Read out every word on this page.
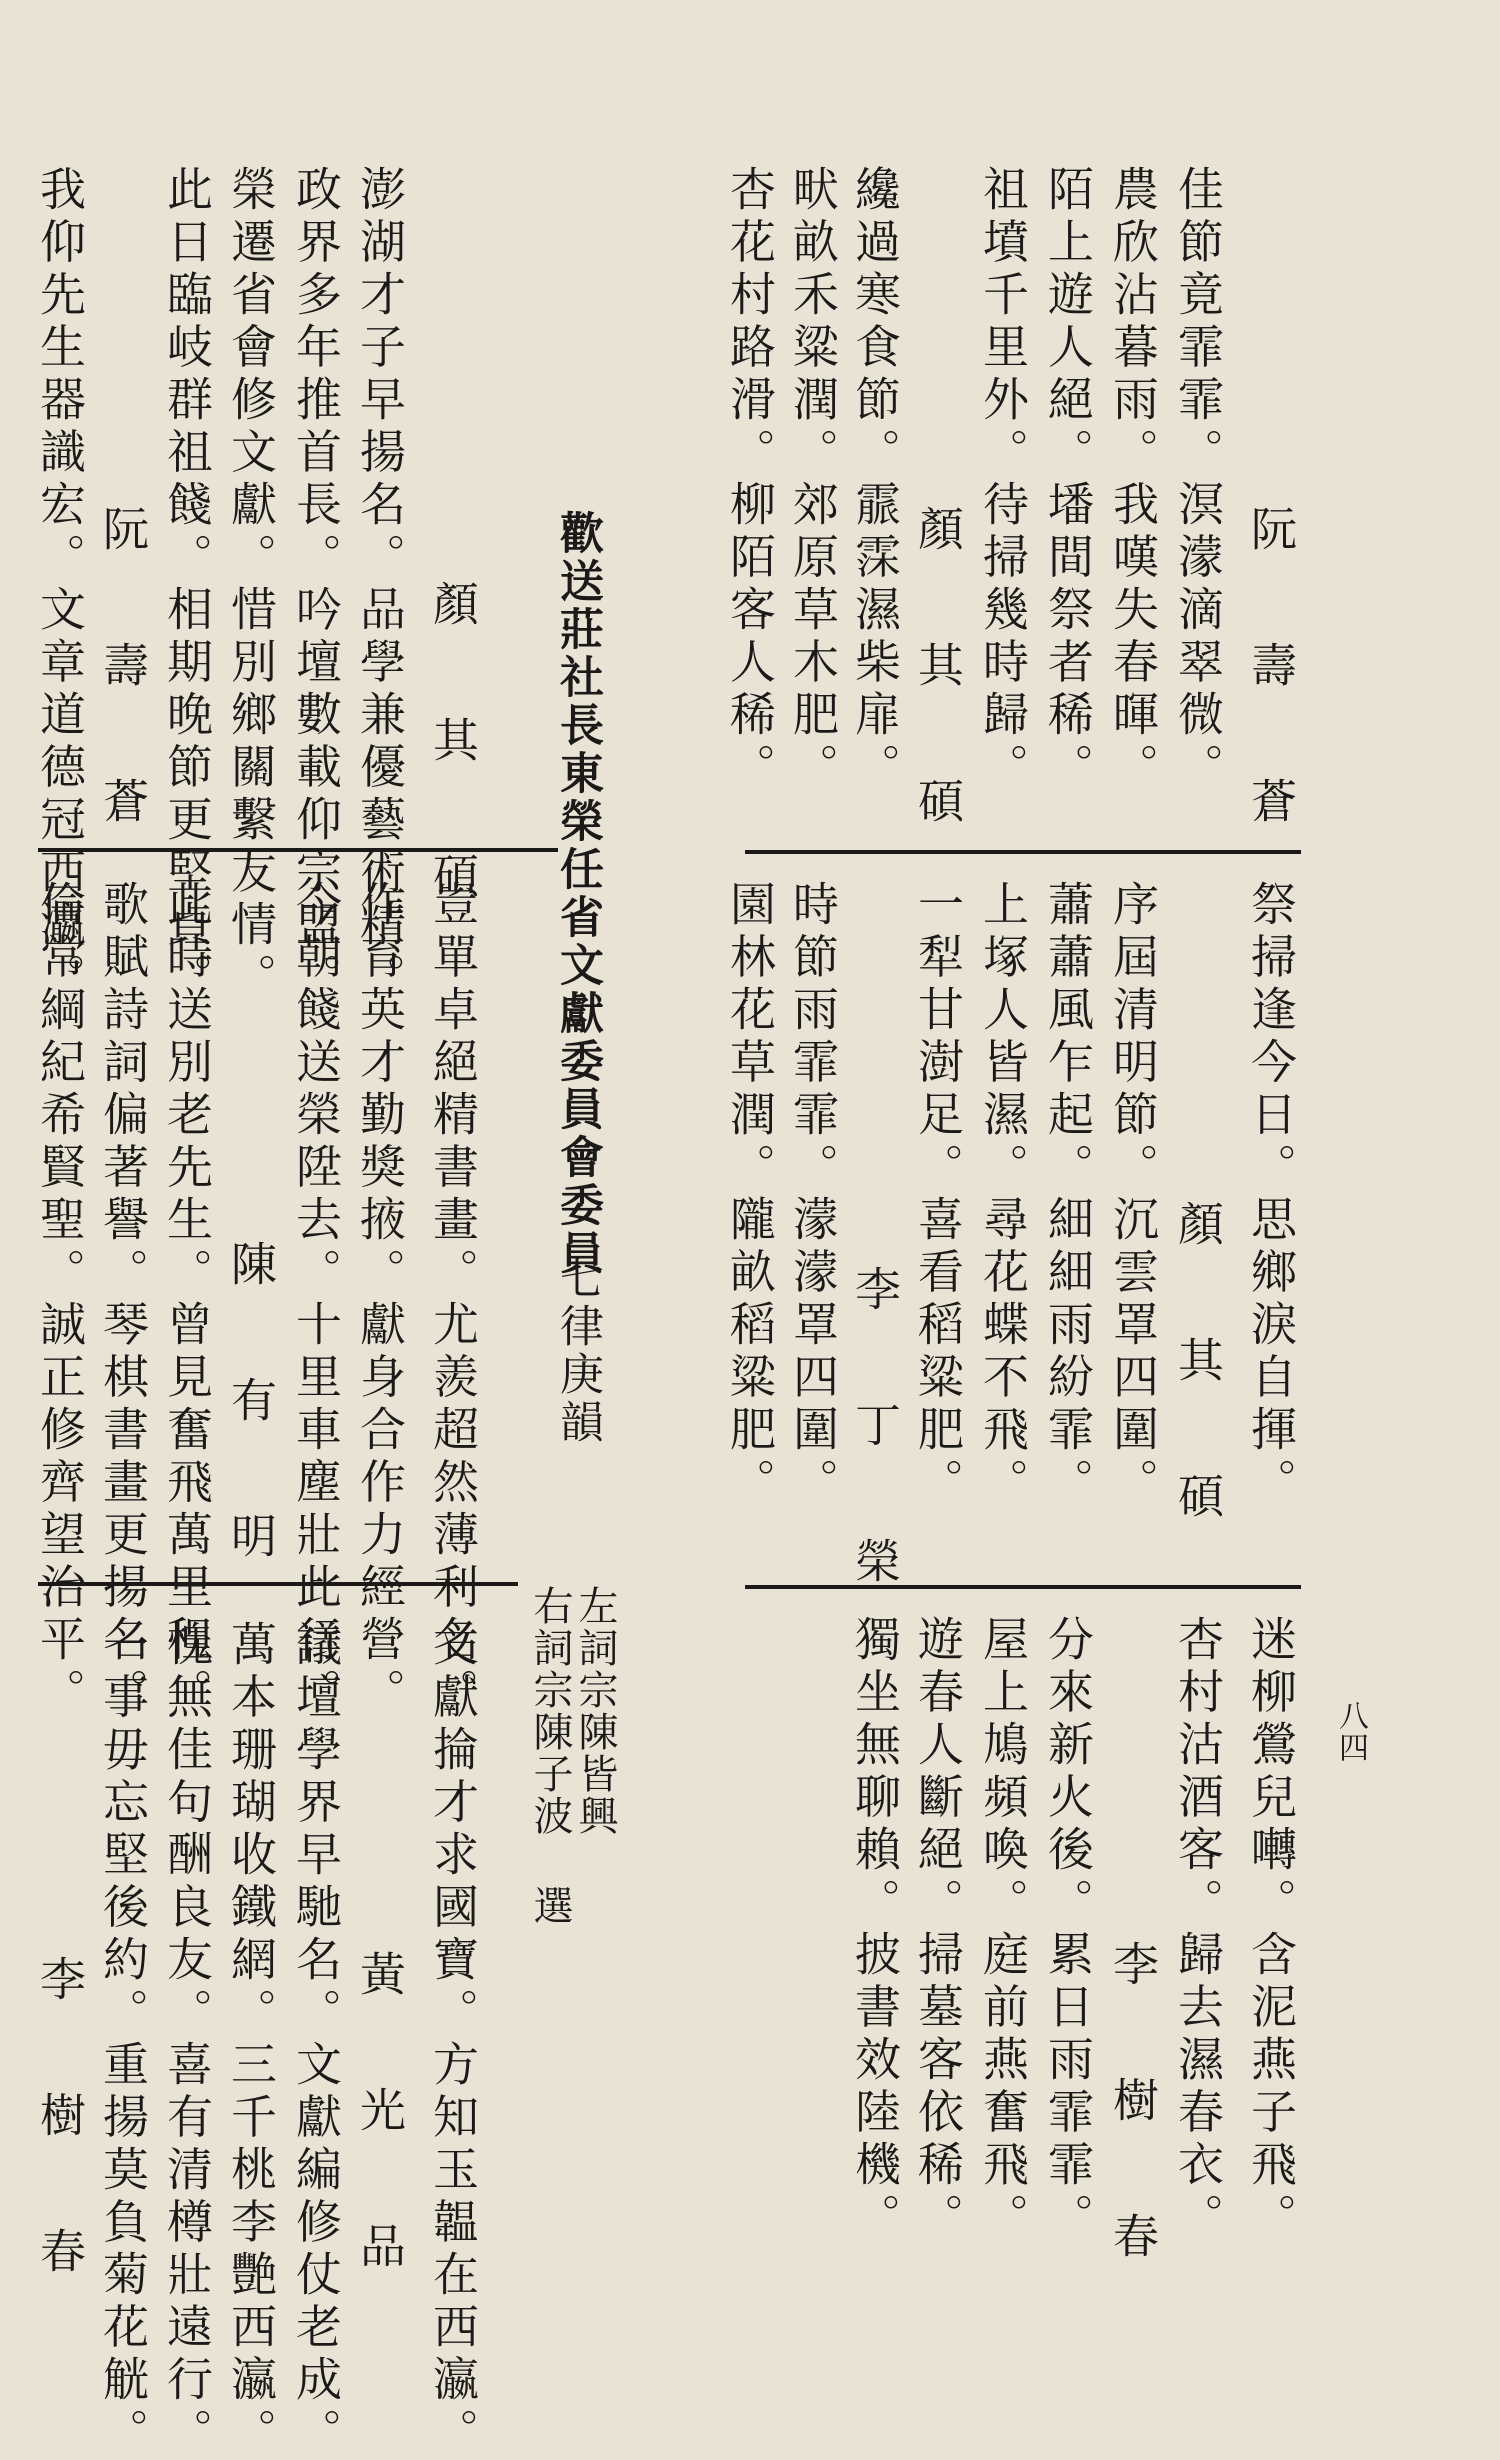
八四
阮　壽　蒼
佳節竟霏霏。溟濛滴翠微。
農欣沾暮雨。我嘆失春暉。
陌上遊人絕。墦間祭者稀。
祖墳千里外。待掃幾時歸。
顏　其　碩
纔過寒食節。霢霂濕柴扉。
畎畝禾粱潤。郊原草木肥。
杏花村路滑。柳陌客人稀。
歡送莊社長東榮任省文獻委員會委員
七律庚韻
顏　其　碩
澎湖才子早揚名。品學兼優藝術精。
政界多年推首長。吟壇數載仰宗盟。
榮遷省會修文獻。惜別鄉關繫友情。
此日臨岐群祖餞。相期晚節更堅貞。
阮　壽　蒼
我仰先生器識宏。文章道德冠西瀛。
祭掃逢今日。思鄉淚自揮。
顏　其　碩
序屆清明節。沉雲罩四圍。
蕭蕭風乍起。細細雨紛霏。
上塚人皆濕。尋花蝶不飛。
一犁甘澍足。喜看稻粱肥。
李　丁　榮
時節雨霏霏。濛濛罩四圍。
園林花草潤。隴畝稻粱肥。
豈單卓絕精書畫。尤羨超然薄利名。
作育英才勤獎掖。獻身合作力經營。
今朝餞送榮陞去。十里車塵壯此行。
陳　有　明
此時送別老先生。曾見奮飛萬里程。
歌賦詩詞偏著譽。琴棋書畫更揚名。
倫常綱紀希賢聖。誠正修齊望治平。
迷柳鶯兒囀。含泥燕子飛。
杏村沽酒客。歸去濕春衣。
李　樹　春
分來新火後。累日雨霏霏。
屋上鳩頻喚。庭前燕奮飛。
遊春人斷絕。掃墓客依稀。
獨坐無聊賴。披書效陸機。
左詞宗陳皆興
右詞宗陳子波
選
文獻掄才求國寶。方知玉韞在西瀛。
黃　光　品
議壇學界早馳名。文獻編修仗老成。
萬本珊瑚收鐵網。三千桃李艷西瀛。
愧無佳句酬良友。喜有清樽壯遠行。
一事毋忘堅後約。重揚莫負菊花觥。
李　樹　春
